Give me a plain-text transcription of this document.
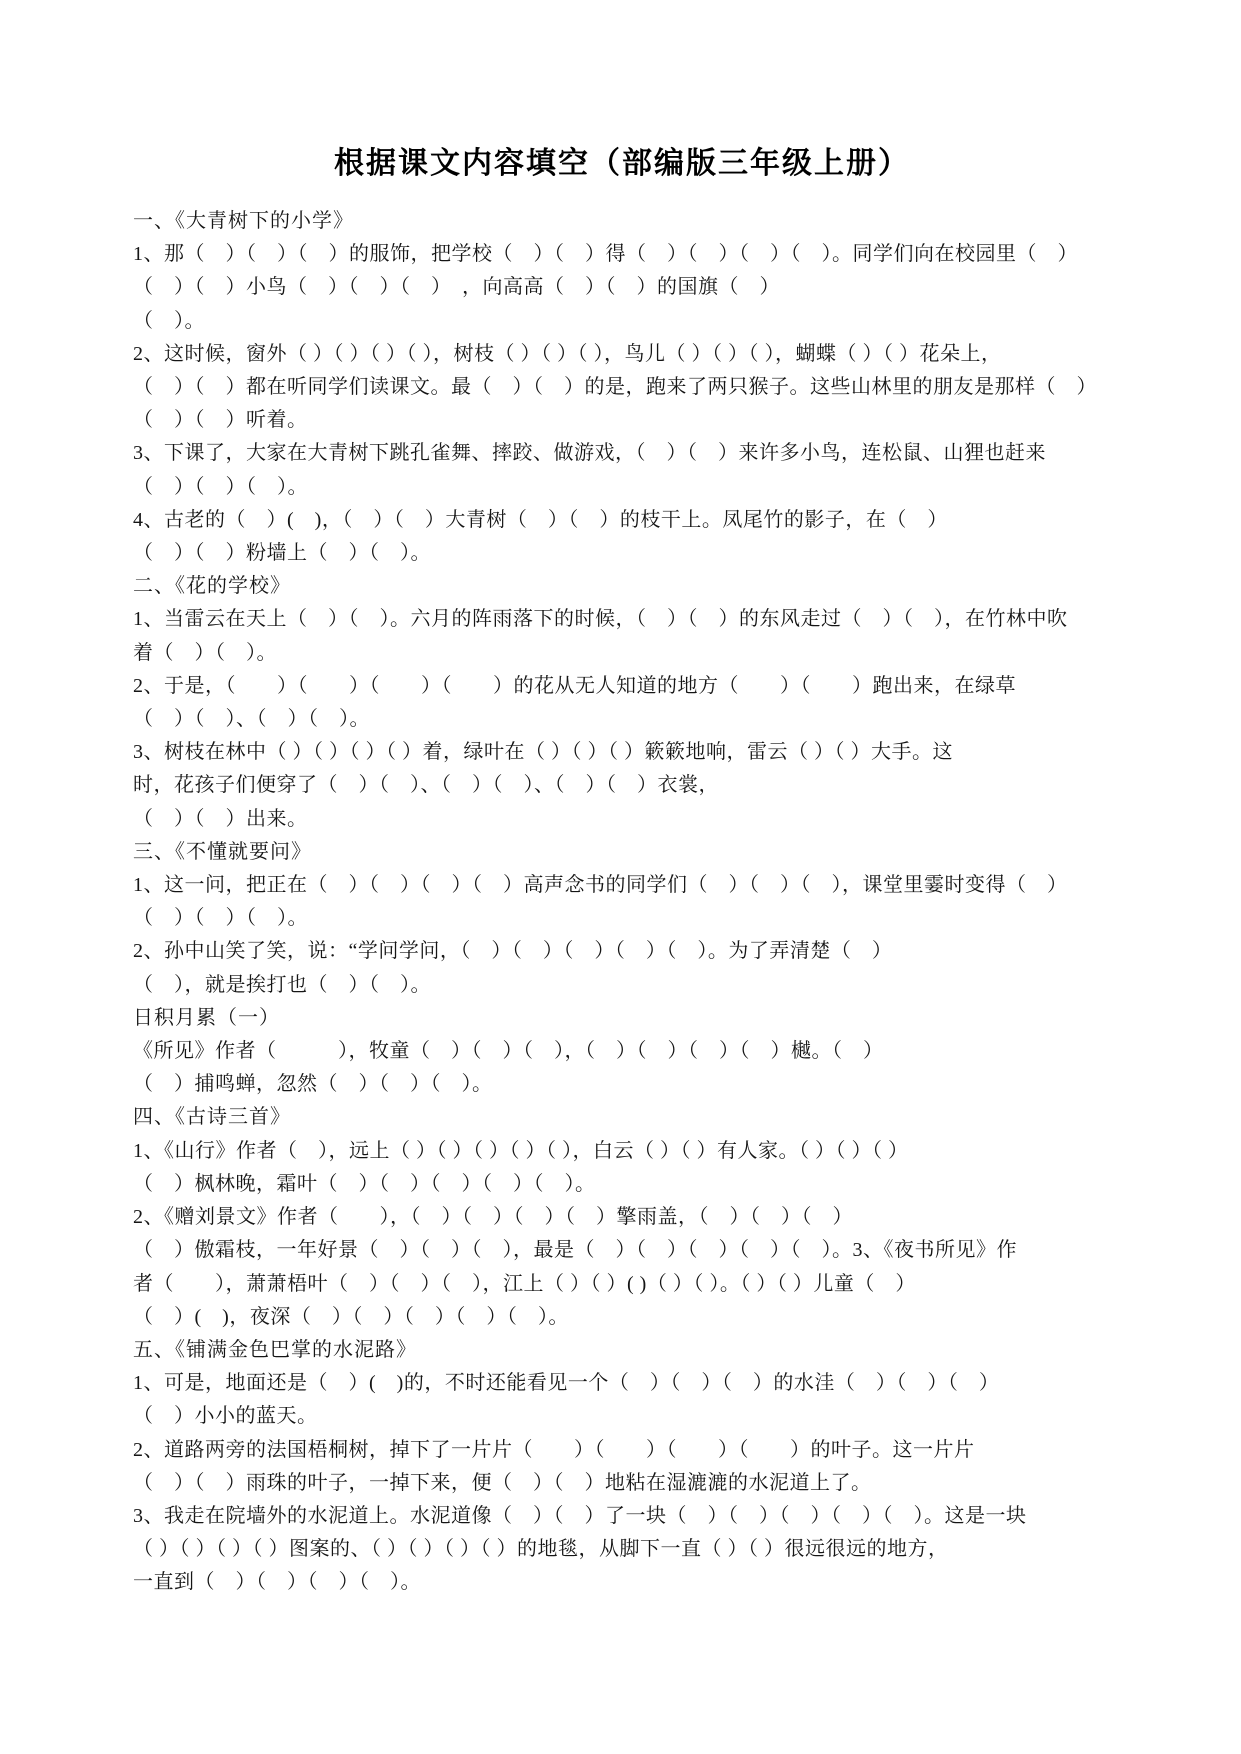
根据课文内容填空（部编版三年级上册）
一、《大青树下的小学》
1、那（　）（　）（　）的服饰，把学校（　）（　）得（　）（　）（　）（　）。同学们向在校园里（　）
（　）（　）小鸟（　）（　）（　）　，向高高（　）（　）的国旗（　）
（　）。
2、这时候，窗外（ ）（ ）（ ）（ ），树枝（ ）（ ）（ ），鸟儿（ ）（ ）（ ），蝴蝶（ ）（ ）花朵上，
（　）（　）都在听同学们读课文。最（　）（　）的是，跑来了两只猴子。这些山林里的朋友是那样（　）
（　）（　）听着。
3、下课了，大家在大青树下跳孔雀舞、摔跤、做游戏，（　）（　）来许多小鸟，连松鼠、山狸也赶来
（　）（　）（　）。
4、古老的（　）(　)，（　）（　）大青树（　）（　）的枝干上。凤尾竹的影子，在（　）
（　）（　）粉墙上（　）（　）。
二、《花的学校》
1、当雷云在天上（　）（　）。六月的阵雨落下的时候，（　）（　）的东风走过（　）（　），在竹林中吹
着（　）（　）。
2、于是，（　　）（　　）（　　）（　　）的花从无人知道的地方（　　）（　　）跑出来，在绿草
（　）（　）、（　）（　）。
3、树枝在林中（ ）（ ）（ ）（ ）着，绿叶在（ ）（ ）（ ）簌簌地响，雷云（ ）（ ）大手。这
时，花孩子们便穿了（　）（　）、（　）（　）、（　）（　）衣裳，
（　）（　）出来。
三、《不懂就要问》
1、这一问，把正在（　）（　）（　）（　）高声念书的同学们（　）（　）（　），课堂里霎时变得（　）
（　）（　）（　）。
2、孙中山笑了笑，说：“学问学问，（　）（　）（　）（　）（　）。为了弄清楚（　）
（　），就是挨打也（　）（　）。
日积月累（一）
《所见》作者（　　　），牧童（　）（　）（　），（　）（　）（　）（　）樾。（　）
（　）捕鸣蝉，忽然（　）（　）（　）。
四、《古诗三首》
1、《山行》作者（　），远上（ ）（ ）（ ）（ ）（ ），白云（ ）（ ）有人家。（ ）（ ）（ ）
（　）枫林晚，霜叶（　）（　）（　）（　）（　）。
2、《赠刘景文》作者（　　），（　）（　）（　）（　）擎雨盖，（　）（　）（　）
（　）傲霜枝，一年好景（　）（　）（　），最是（　）（　）（　）（　）（　）。3、《夜书所见》作
者（　　），萧萧梧叶（　）（　）（　），江上（ ）（ ）( )（ ）（ ）。（ ）（ ）儿童（　）
（　）(　)，夜深（　）（　）（　）（　）（　）。
五、《铺满金色巴掌的水泥路》
1、可是，地面还是（　）(　)的，不时还能看见一个（　）（　）（　）的水洼（　）（　）（　）
（　）小小的蓝天。
2、道路两旁的法国梧桐树，掉下了一片片（　　）（　　）（　　）（　　）的叶子。这一片片
（　）（　）雨珠的叶子，一掉下来，便（　）（　）地粘在湿漉漉的水泥道上了。
3、我走在院墙外的水泥道上。水泥道像（　）（　）了一块（　）（　）（　）（　）（　）。这是一块
（ ）（ ）（ ）（ ）图案的、（ ）（ ）（ ）（ ）的地毯，从脚下一直（ ）（ ）很远很远的地方，
一直到（　）（　）（　）（　）。
